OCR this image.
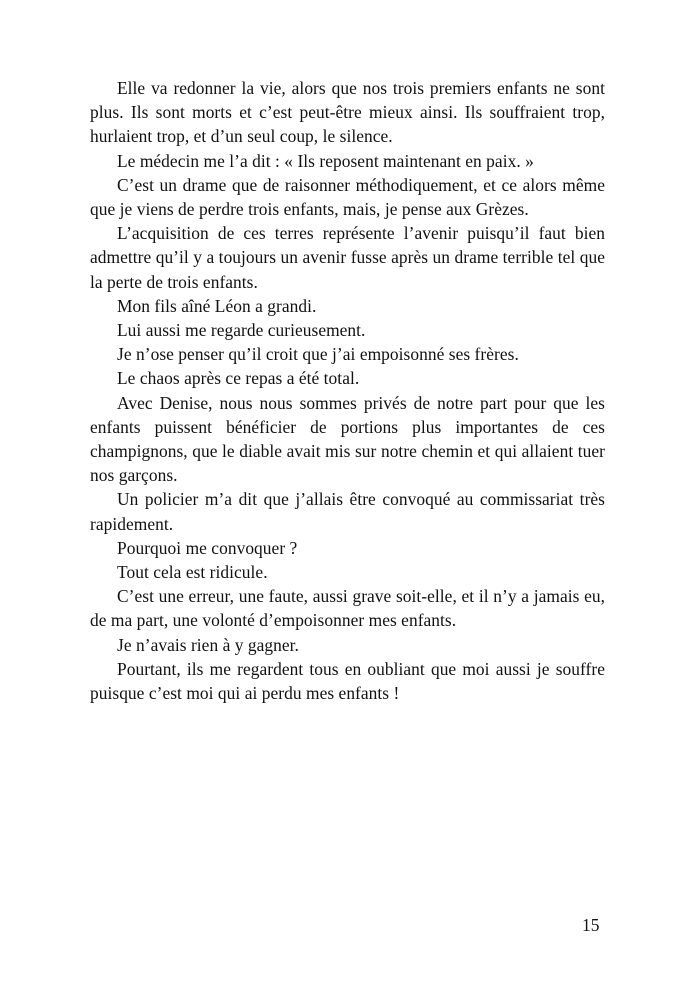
Elle va redonner la vie, alors que nos trois premiers enfants ne sont plus. Ils sont morts et c’est peut-être mieux ainsi. Ils souffraient trop, hurlaient trop, et d’un seul coup, le silence.

Le médecin me l’a dit : « Ils reposent maintenant en paix. »

C’est un drame que de raisonner méthodiquement, et ce alors même que je viens de perdre trois enfants, mais, je pense aux Grèzes.

L’acquisition de ces terres représente l’avenir puisqu’il faut bien admettre qu’il y a toujours un avenir fusse après un drame terrible tel que la perte de trois enfants.

Mon fils aîné Léon a grandi.

Lui aussi me regarde curieusement.

Je n’ose penser qu’il croit que j’ai empoisonné ses frères.

Le chaos après ce repas a été total.

Avec Denise, nous nous sommes privés de notre part pour que les enfants puissent bénéficier de portions plus importantes de ces champignons, que le diable avait mis sur notre chemin et qui allaient tuer nos garçons.

Un policier m’a dit que j’allais être convoqué au commissariat très rapidement.

Pourquoi me convoquer ?

Tout cela est ridicule.

C’est une erreur, une faute, aussi grave soit-elle, et il n’y a jamais eu, de ma part, une volonté d’empoisonner mes enfants.

Je n’avais rien à y gagner.

Pourtant, ils me regardent tous en oubliant que moi aussi je souffre puisque c’est moi qui ai perdu mes enfants !

15
